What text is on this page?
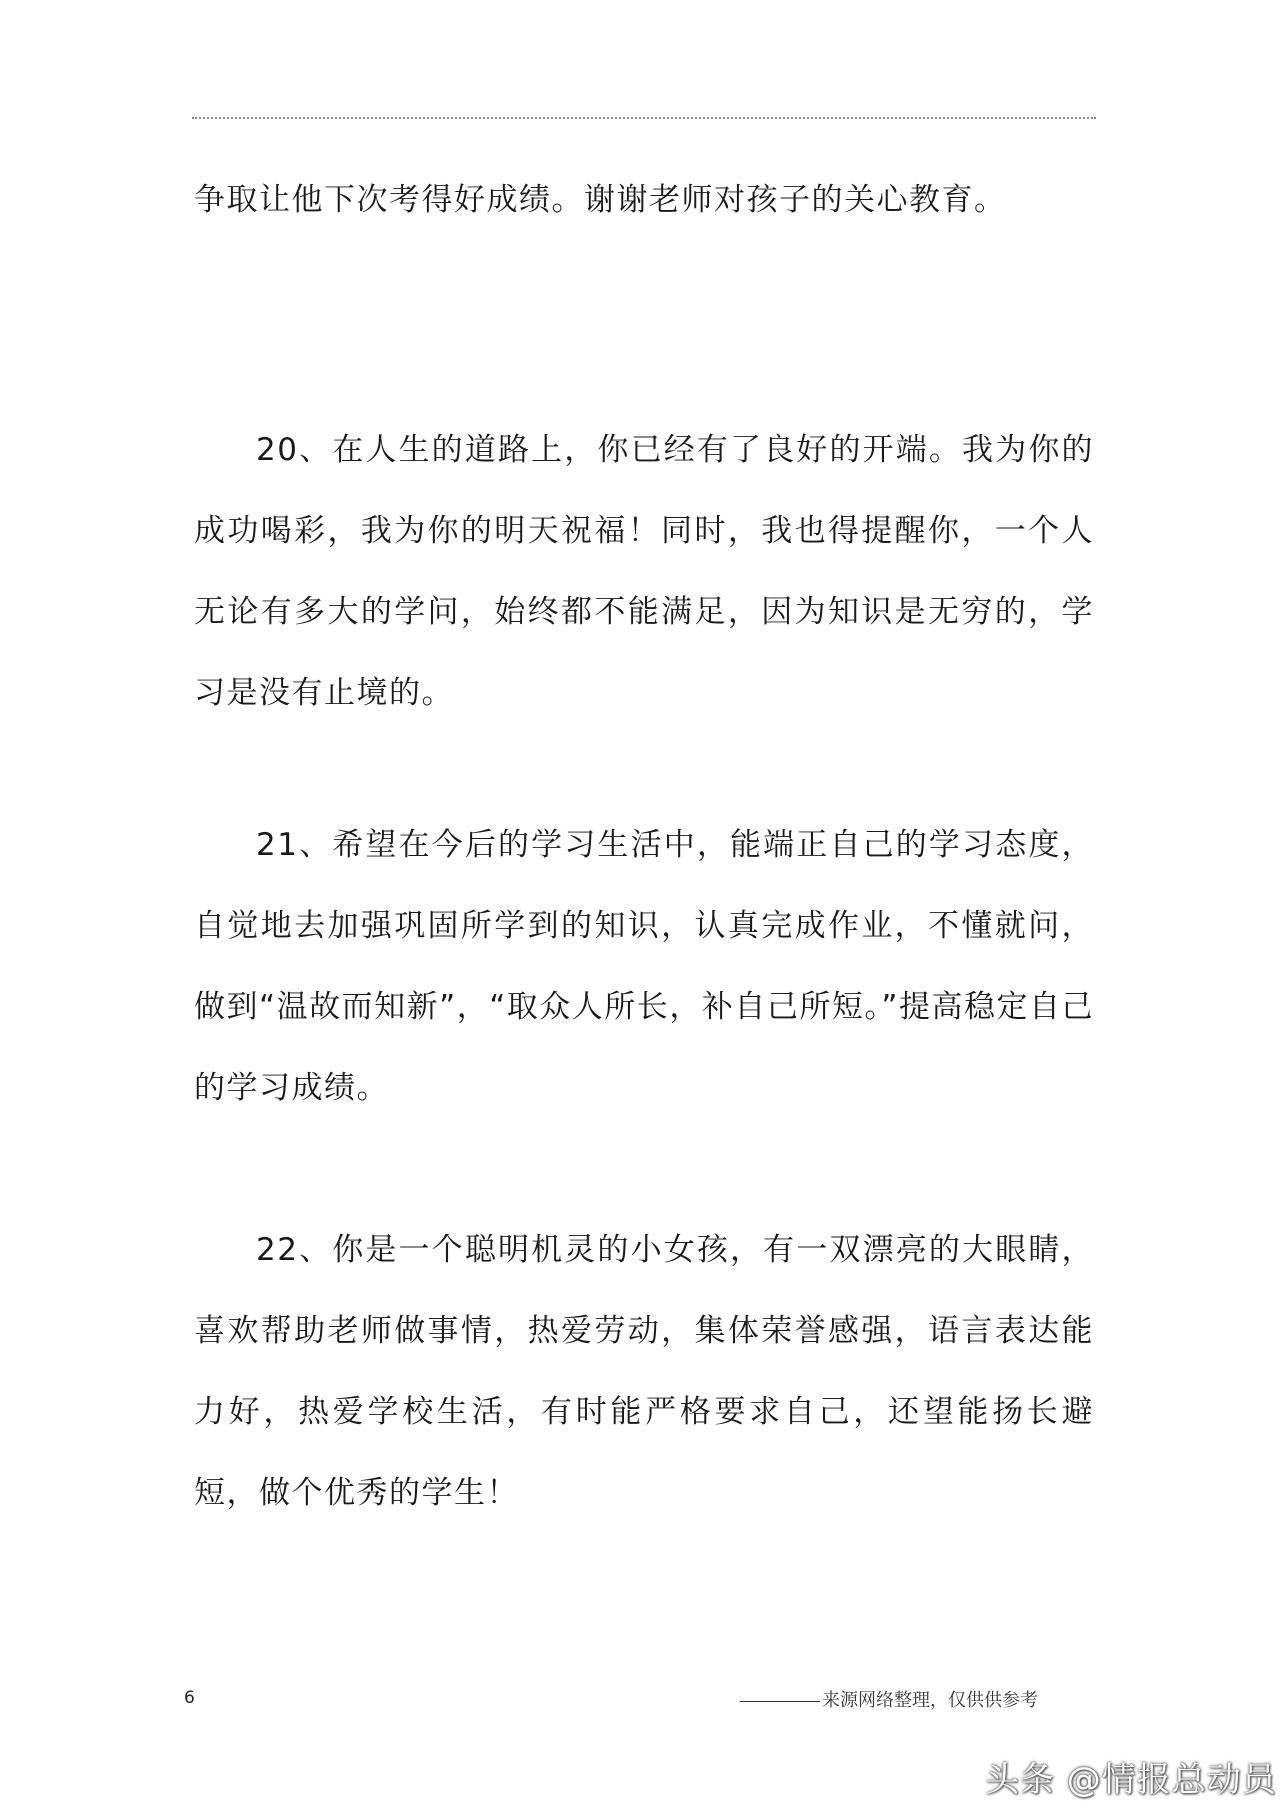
争取让他下次考得好成绩。谢谢老师对孩子的关心教育。

20、在人生的道路上，你已经有了良好的开端。我为你的成功喝彩，我为你的明天祝福！同时，我也得提醒你，一个人无论有多大的学问，始终都不能满足，因为知识是无穷的，学习是没有止境的。

21、希望在今后的学习生活中，能端正自己的学习态度，自觉地去加强巩固所学到的知识，认真完成作业，不懂就问，做到“温故而知新”，“取众人所长，补自己所短。”提高稳定自己的学习成绩。

22、你是一个聪明机灵的小女孩，有一双漂亮的大眼睛，喜欢帮助老师做事情，热爱劳动，集体荣誉感强，语言表达能力好，热爱学校生活，有时能严格要求自己，还望能扬长避短，做个优秀的学生！

6	来源网络整理，仅供供参考
头条 @情报总动员
